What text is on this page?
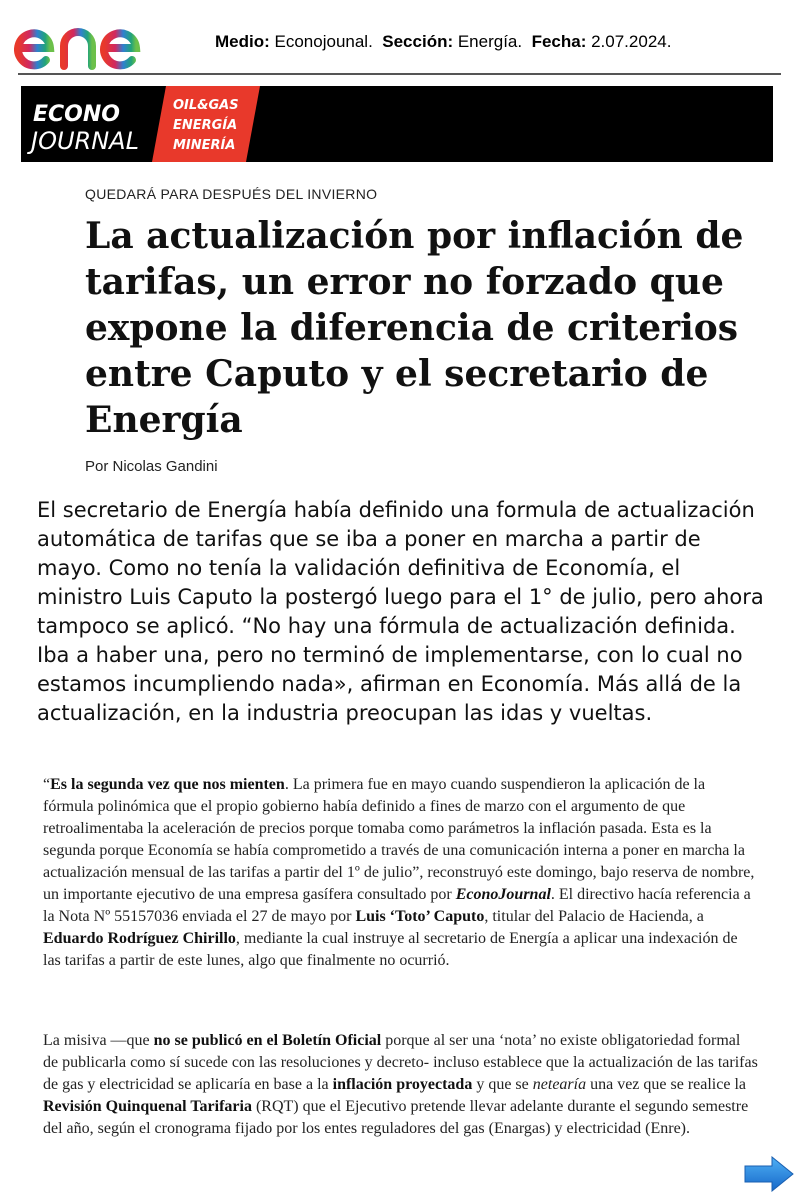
Medio: Econojounal. Sección: Energía. Fecha: 2.07.2024.
ECONO
JOURNAL
OIL&GAS
ENERGÍA
MINERÍA
QUEDARÁ PARA DESPUÉS DEL INVIERNO
La actualización por inflación de tarifas, un error no forzado que expone la diferencia de criterios entre Caputo y el secretario de Energía
Por Nicolas Gandini

El secretario de Energía había definido una formula de actualización automática de tarifas que se iba a poner en marcha a partir de mayo. Como no tenía la validación definitiva de Economía, el ministro Luis Caputo la postergó luego para el 1° de julio, pero ahora tampoco se aplicó. “No hay una fórmula de actualización definida. Iba a haber una, pero no terminó de implementarse, con lo cual no estamos incumpliendo nada», afirman en Economía. Más allá de la actualización, en la industria preocupan las idas y vueltas.

“Es la segunda vez que nos mienten. La primera fue en mayo cuando suspendieron la aplicación de la fórmula polinómica que el propio gobierno había definido a fines de marzo con el argumento de que retroalimentaba la aceleración de precios porque tomaba como parámetros la inflación pasada. Esta es la segunda porque Economía se había comprometido a través de una comunicación interna a poner en marcha la actualización mensual de las tarifas a partir del 1º de julio”, reconstruyó este domingo, bajo reserva de nombre, un importante ejecutivo de una empresa gasífera consultado por EconoJournal. El directivo hacía referencia a la Nota Nº 55157036 enviada el 27 de mayo por Luis ‘Toto’ Caputo, titular del Palacio de Hacienda, a Eduardo Rodríguez Chirillo, mediante la cual instruye al secretario de Energía a aplicar una indexación de las tarifas a partir de este lunes, algo que finalmente no ocurrió.

La misiva —que no se publicó en el Boletín Oficial porque al ser una ‘nota’ no existe obligatoriedad formal de publicarla como sí sucede con las resoluciones y decreto- incluso establece que la actualización de las tarifas de gas y electricidad se aplicaría en base a la inflación proyectada y que se netearía una vez que se realice la Revisión Quinquenal Tarifaria (RQT) que el Ejecutivo pretende llevar adelante durante el segundo semestre del año, según el cronograma fijado por los entes reguladores del gas (Enargas) y electricidad (Enre).
